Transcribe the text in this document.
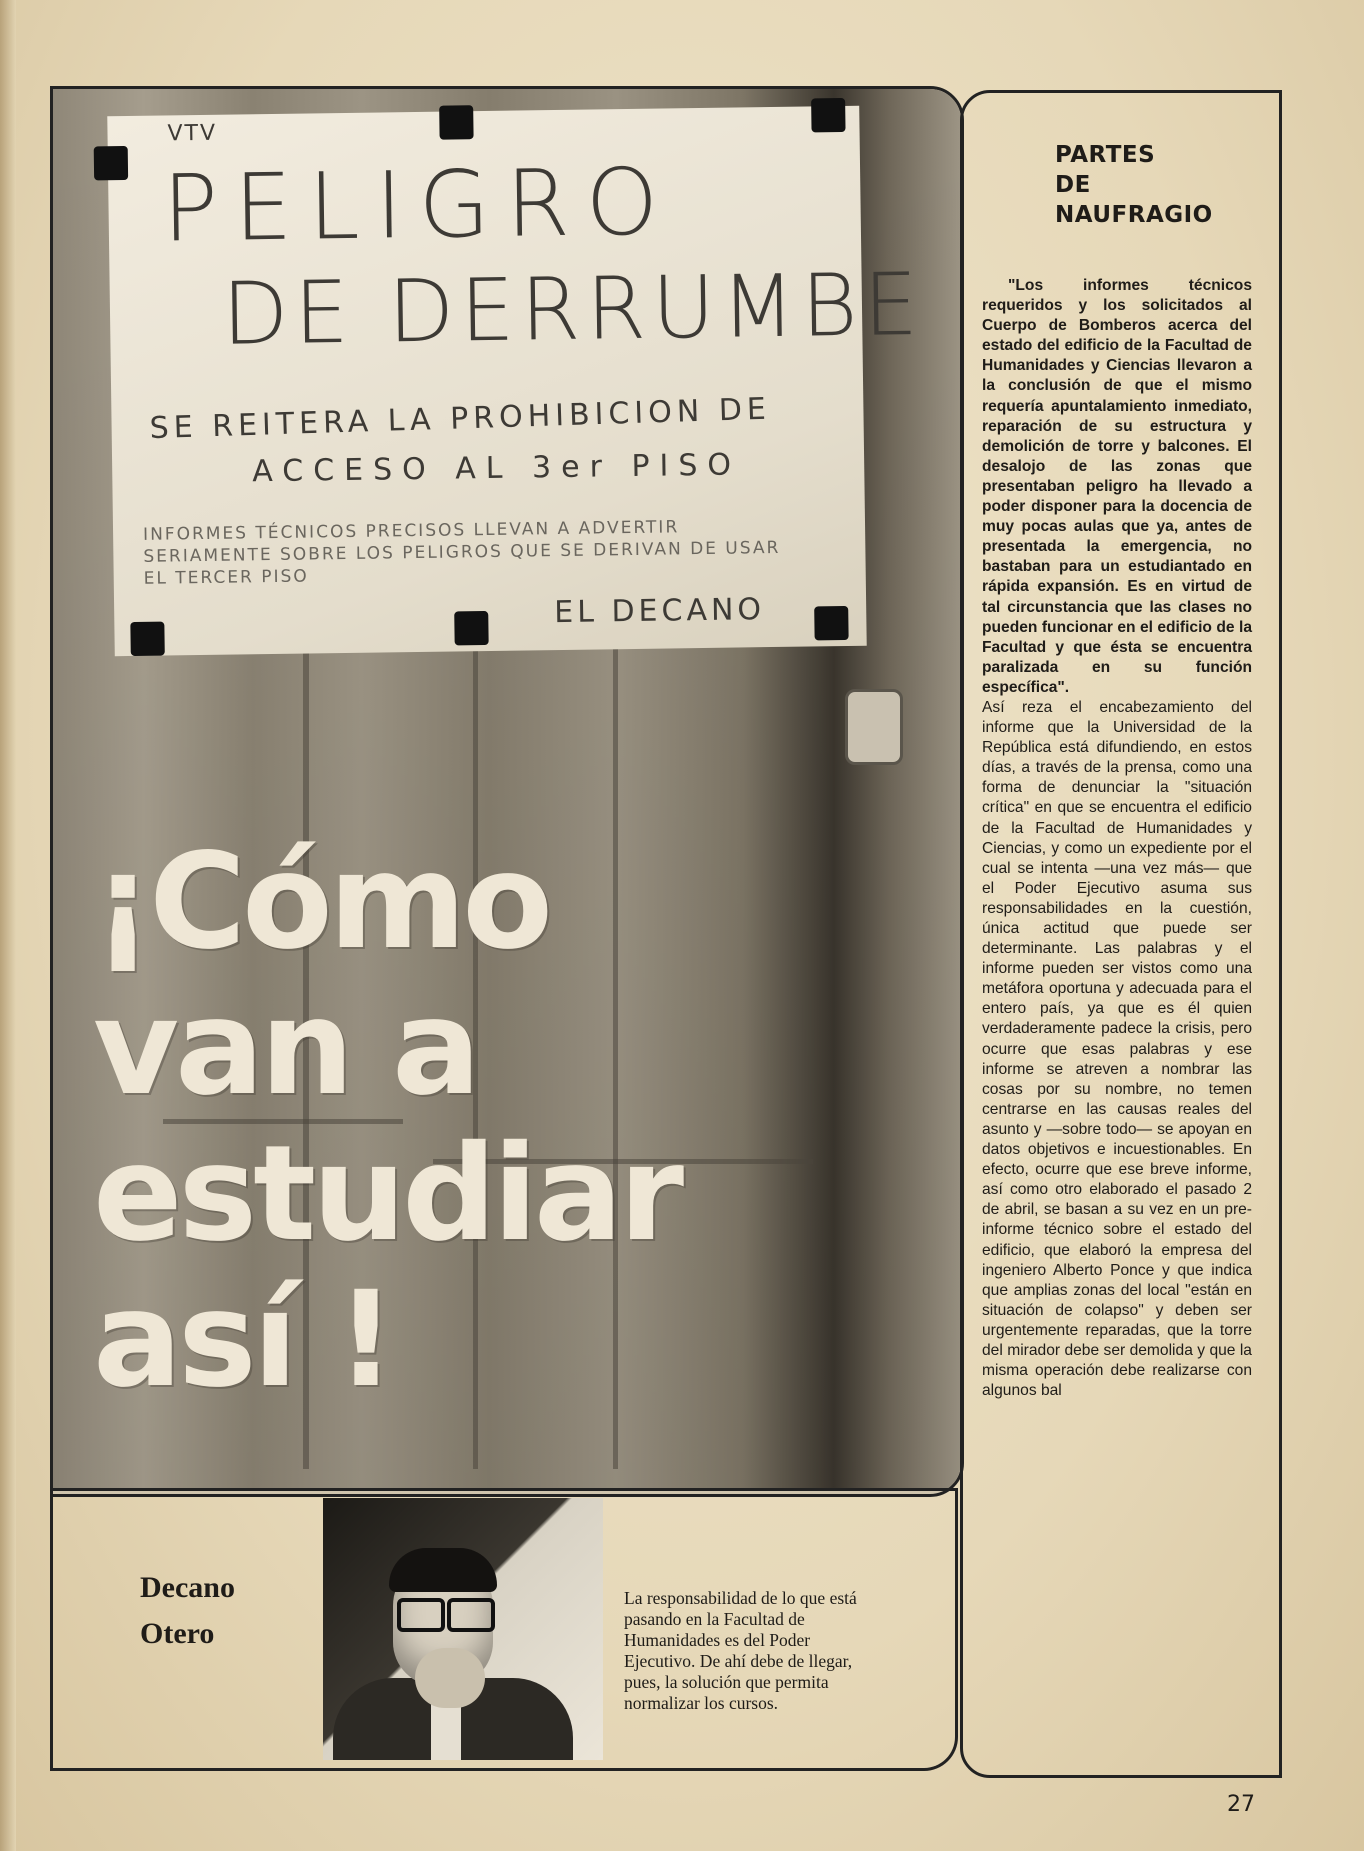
VTV
PELIGRO
DE DERRUMBE
SE REITERA LA PROHIBICION DE
ACCESO AL 3er PISO
INFORMES TÉCNICOS PRECISOS LLEVAN A ADVERTIR SERIAMENTE SOBRE LOS PELIGROS QUE SE DERIVAN DE USAR EL TERCER PISO
EL DECANO
¡Cómo
van a
estudiar
así !
Decano
Otero
La responsabilidad de lo que está pasando en la Facultad de Humanidades es del Poder Ejecutivo. De ahí debe de llegar, pues, la solución que permita normalizar los cursos.
PARTES
DE
NAUFRAGIO
"Los informes técnicos requeridos y los solicitados al Cuerpo de Bomberos acerca del estado del edificio de la Facultad de Humanidades y Ciencias llevaron a la conclusión de que el mismo requería apuntalamiento inmediato, reparación de su estructura y demolición de torre y balcones. El desalojo de las zonas que presentaban peligro ha llevado a poder disponer para la docencia de muy pocas aulas que ya, antes de presentada la emergencia, no bastaban para un estudiantado en rápida expansión. Es en virtud de tal circunstancia que las clases no pueden funcionar en el edificio de la Facultad y que ésta se encuentra paralizada en su función específica".
Así reza el encabezamiento del informe que la Universidad de la República está difundiendo, en estos días, a través de la prensa, como una forma de denunciar la "situación crítica" en que se encuentra el edificio de la Facultad de Humanidades y Ciencias, y como un expediente por el cual se intenta —una vez más— que el Poder Ejecutivo asuma sus responsabilidades en la cuestión, única actitud que puede ser determinante. Las palabras y el informe pueden ser vistos como una metáfora oportuna y adecuada para el entero país, ya que es él quien verdaderamente padece la crisis, pero ocurre que esas palabras y ese informe se atreven a nombrar las cosas por su nombre, no temen centrarse en las causas reales del asunto y —sobre todo— se apoyan en datos objetivos e incuestionables. En efecto, ocurre que ese breve informe, así como otro elaborado el pasado 2 de abril, se basan a su vez en un pre-informe técnico sobre el estado del edificio, que elaboró la empresa del ingeniero Alberto Ponce y que indica que amplias zonas del local "están en situación de colapso" y deben ser urgentemente reparadas, que la torre del mirador debe ser demolida y que la misma operación debe realizarse con algunos bal
27
